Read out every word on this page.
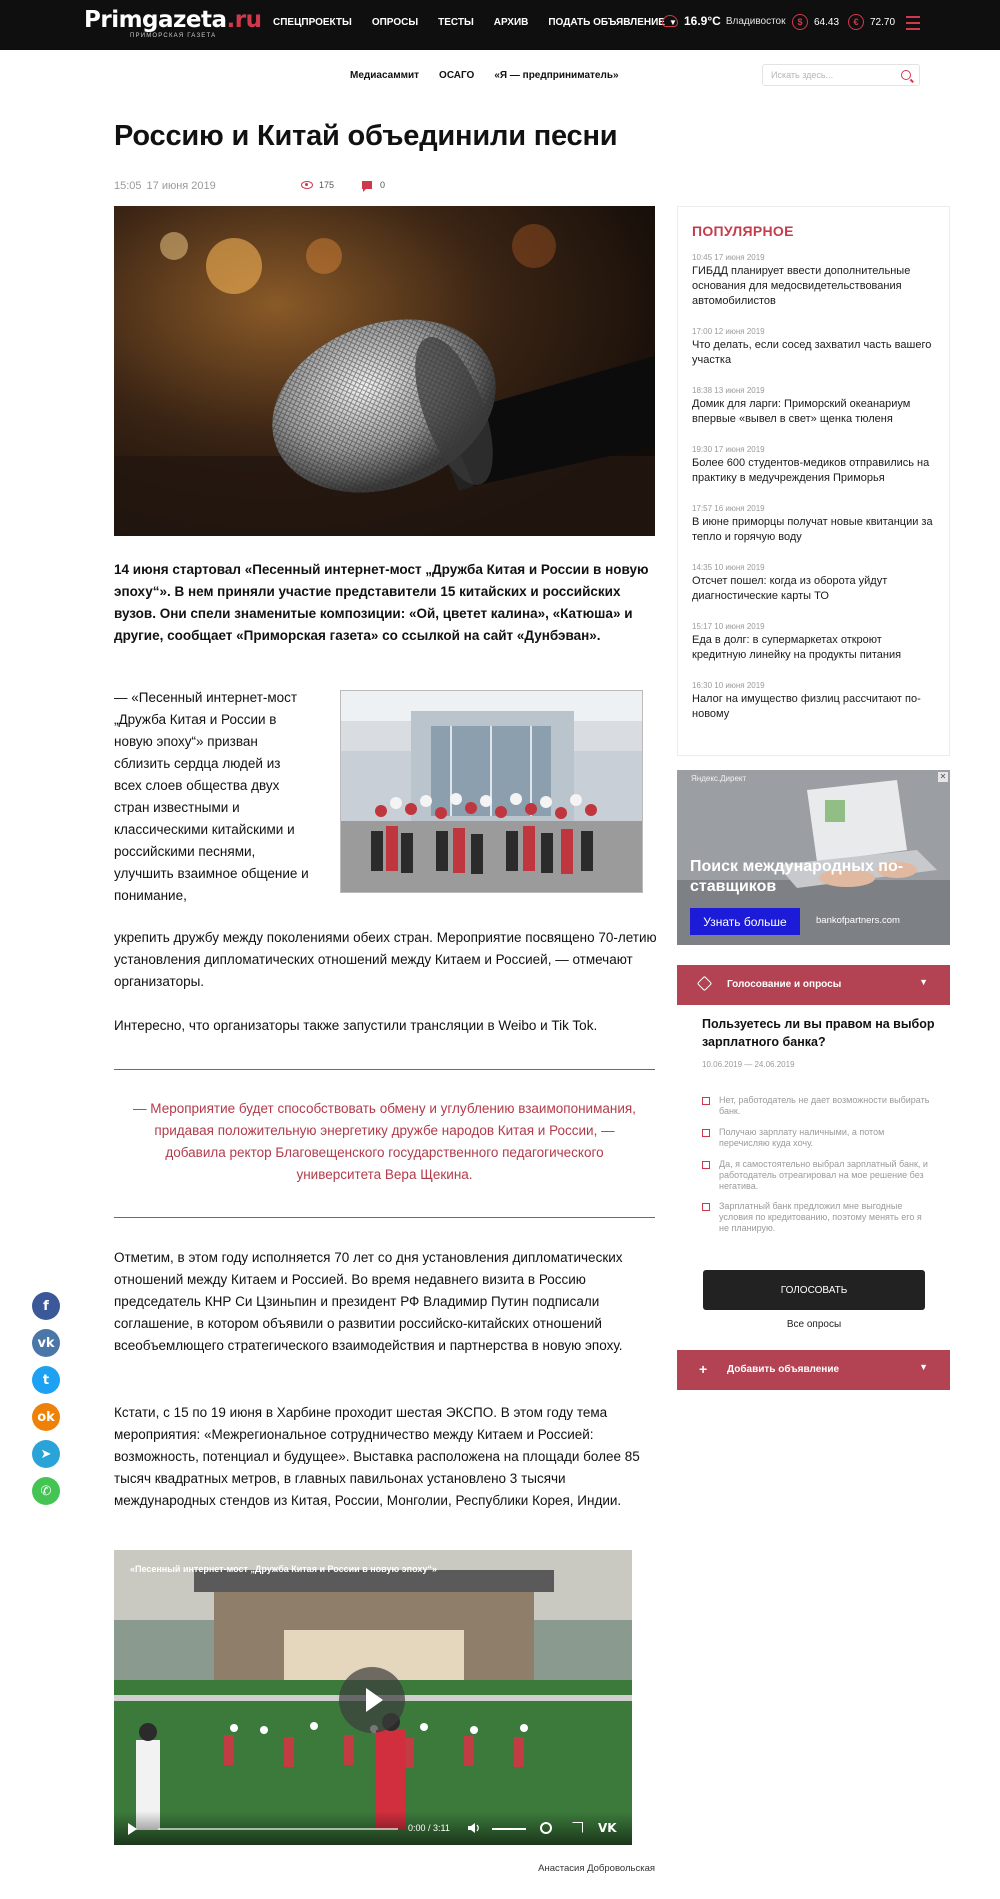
Primgazeta.ru
ПРИМОРСКАЯ ГАЗЕТА
СПЕЦПРОЕКТЫ ОПРОСЫ ТЕСТЫ АРХИВ ПОДАТЬ ОБЪЯВЛЕНИЕ ▼ 16.9°C Владивосток	$	64.43	€	72.70
Медиасаммит ОСАГО «Я — предприниматель»
Искать здесь...
Россию и Китай объединили песни
15:05 17 июня 2019	175	0

14 июня стартовал «Песенный интернет-мост „Дружба Китая и России в новую эпоху“». В нем приняли участие представители 15 китайских и российских вузов. Они спели знаменитые композиции: «Ой, цветет калина», «Катюша» и другие, сообщает «Приморская газета» со ссылкой на сайт «Дунбэван».

— «Песенный интернет-мост „Дружба Китая и России в новую эпоху“» призван сблизить сердца людей из всех слоев общества двух стран известными и классическими китайскими и российскими песнями, улучшить взаимное общение и понимание,

укрепить дружбу между поколениями обеих стран. Мероприятие посвящено 70-летию установления дипломатических отношений между Китаем и Россией, — отмечают организаторы.

Интересно, что организаторы также запустили трансляции в Weibo и Tik Tok.

— Мероприятие будет способствовать обмену и углублению взаимопонимания, придавая положительную энергетику дружбе народов Китая и России, — добавила ректор Благовещенского государственного педагогического университета Вера Щекина.

Отметим, в этом году исполняется 70 лет со дня установления дипломатических отношений между Китаем и Россией. Во время недавнего визита в Россию председатель КНР Си Цзиньпин и президент РФ Владимир Путин подписали соглашение, в котором объявили о развитии российско-китайских отношений всеобъемлющего стратегического взаимодействия и партнерства в новую эпоху.

Кстати, с 15 по 19 июня в Харбине проходит шестая ЭКСПО. В этом году тема мероприятия: «Межрегиональное сотрудничество между Китаем и Россией: возможность, потенциал и будущее». Выставка расположена на площади более 85 тысяч квадратных метров, в главных павильонах установлено 3 тысячи международных стендов из Китая, России, Монголии, Республики Корея, Индии.

«Песенный интернет-мост „Дружба Китая и России в новую эпоху“»
0:00 / 3:11	VK
Анастасия Добровольская
f
vk
t
ok
➤
✆
ПОПУЛЯРНОЕ
10:45 17 июня 2019
ГИБДД планирует ввести дополнительные основания для медосвидетельствования автомобилистов
17:00 12 июня 2019
Что делать, если сосед захватил часть вашего участка
18:38 13 июня 2019
Домик для ларги: Приморский океанариум впервые «вывел в свет» щенка тюленя
19:30 17 июня 2019
Более 600 студентов-медиков отправились на практику в медучреждения Приморья
17:57 16 июня 2019
В июне приморцы получат новые квитанции за тепло и горячую воду
14:35 10 июня 2019
Отсчет пошел: когда из оборота уйдут диагностические карты ТО
15:17 10 июня 2019
Еда в долг: в супермаркетах откроют кредитную линейку на продукты питания
16:30 10 июня 2019
Налог на имущество физлиц рассчитают по-новому
Яндекс.Директ	✕
Поиск международных по-ставщиков
Узнать больше	bankofpartners.com
Голосование и опросы	▼
Пользуетесь ли вы правом на выбор зарплатного банка?
10.06.2019 — 24.06.2019
Нет, работодатель не дает возможности выбирать банк.
Получаю зарплату наличными, а потом перечисляю куда хочу.
Да, я самостоятельно выбрал зарплатный банк, и работодатель отреагировал на мое решение без негатива.
Зарплатный банк предложил мне выгодные условия по кредитованию, поэтому менять его я не планирую.
ГОЛОСОВАТЬ
Все опросы
+ Добавить объявление	▼
